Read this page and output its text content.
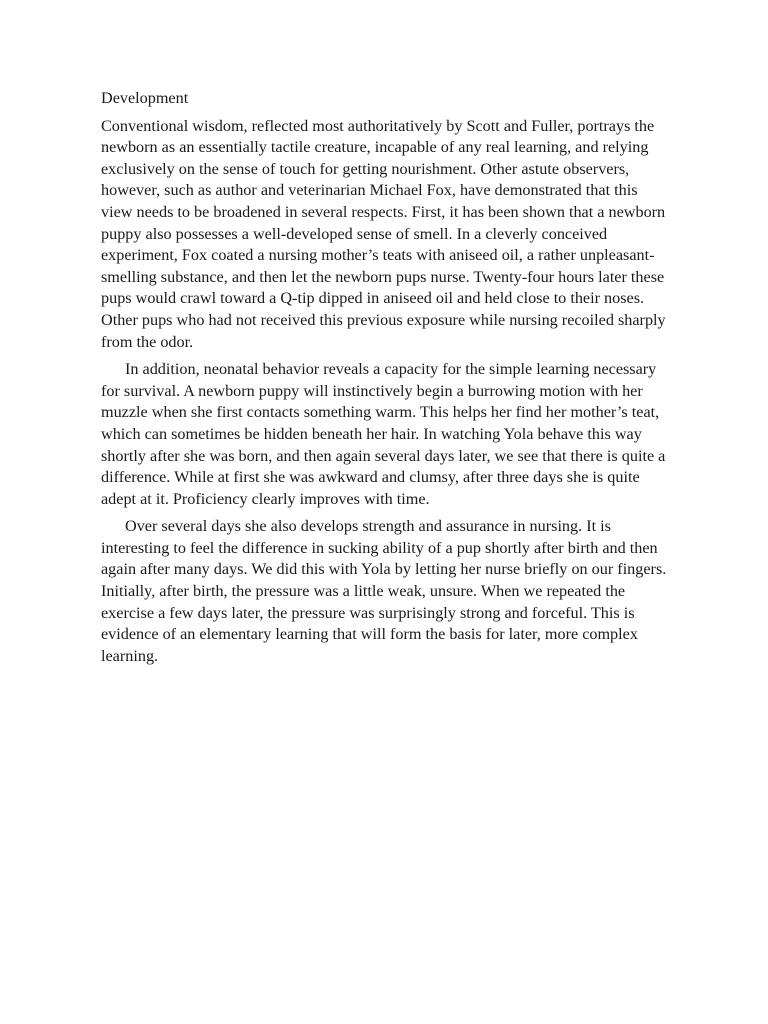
Development

Conventional wisdom, reflected most authoritatively by Scott and Fuller, portrays the newborn as an essentially tactile creature, incapable of any real learning, and relying exclusively on the sense of touch for getting nourishment. Other astute observers, however, such as author and veterinarian Michael Fox, have demonstrated that this view needs to be broadened in several respects. First, it has been shown that a newborn puppy also possesses a well-developed sense of smell. In a cleverly conceived experiment, Fox coated a nursing mother’s teats with aniseed oil, a rather unpleasant-smelling substance, and then let the newborn pups nurse. Twenty-four hours later these pups would crawl toward a Q-tip dipped in aniseed oil and held close to their noses. Other pups who had not received this previous exposure while nursing recoiled sharply from the odor.

In addition, neonatal behavior reveals a capacity for the simple learning necessary for survival. A newborn puppy will instinctively begin a burrowing motion with her muzzle when she first contacts something warm. This helps her find her mother’s teat, which can sometimes be hidden beneath her hair. In watching Yola behave this way shortly after she was born, and then again several days later, we see that there is quite a difference. While at first she was awkward and clumsy, after three days she is quite adept at it. Proficiency clearly improves with time.

Over several days she also develops strength and assurance in nursing. It is interesting to feel the difference in sucking ability of a pup shortly after birth and then again after many days. We did this with Yola by letting her nurse briefly on our fingers. Initially, after birth, the pressure was a little weak, unsure. When we repeated the exercise a few days later, the pressure was surprisingly strong and forceful. This is evidence of an elementary learning that will form the basis for later, more complex learning.
